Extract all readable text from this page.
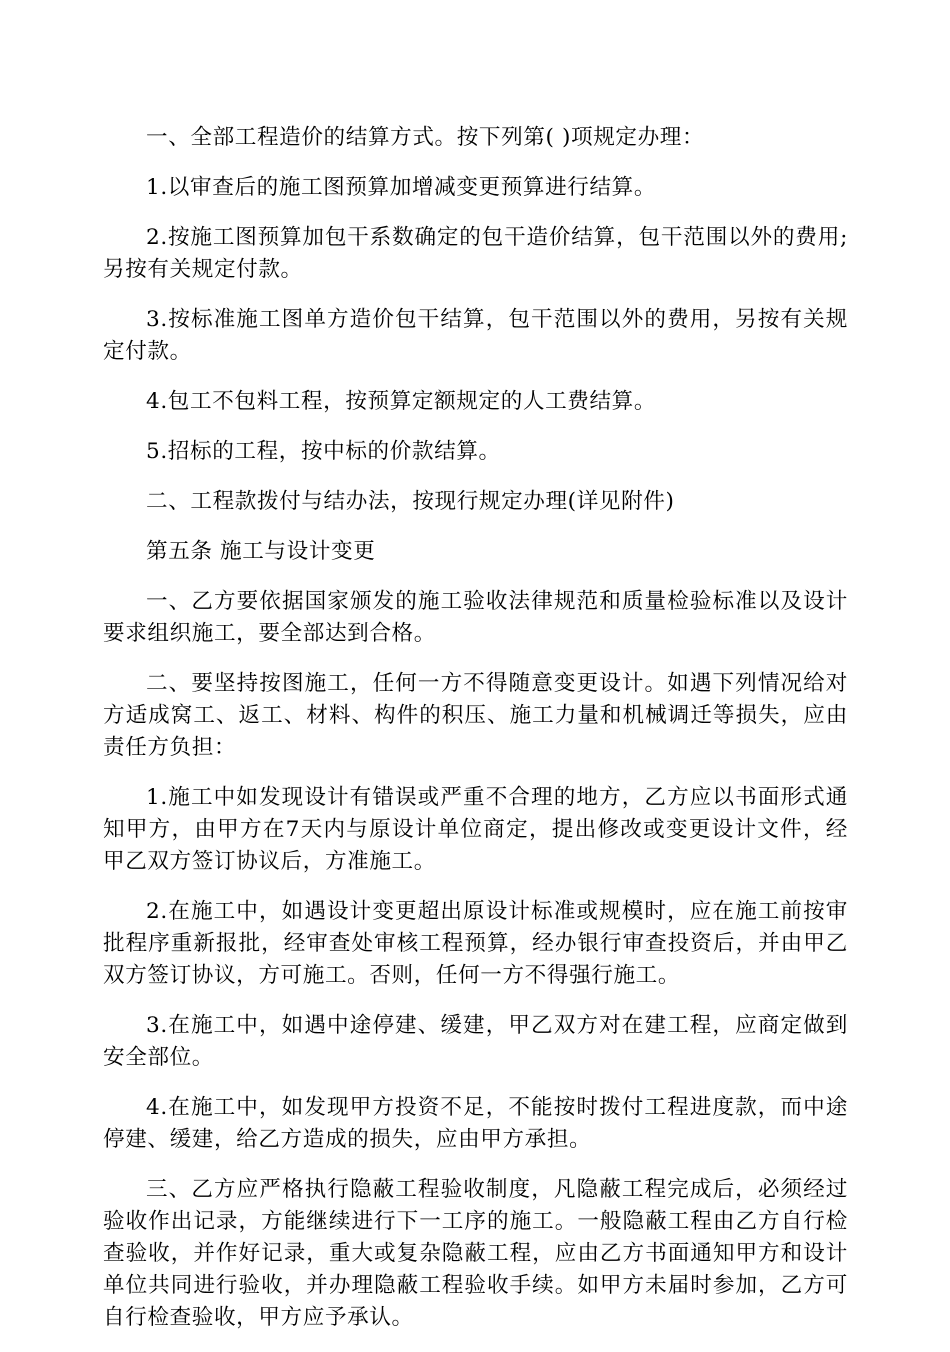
一、全部工程造价的结算方式。按下列第( )项规定办理：

1.以审查后的施工图预算加增减变更预算进行结算。

2.按施工图预算加包干系数确定的包干造价结算，包干范围以外的费用;另按有关规定付款。

3.按标准施工图单方造价包干结算，包干范围以外的费用，另按有关规定付款。

4.包工不包料工程，按预算定额规定的人工费结算。

5.招标的工程，按中标的价款结算。

二、工程款拨付与结办法，按现行规定办理(详见附件)

第五条 施工与设计变更

一、乙方要依据国家颁发的施工验收法律规范和质量检验标准以及设计要求组织施工，要全部达到合格。

二、要坚持按图施工，任何一方不得随意变更设计。如遇下列情况给对方适成窝工、返工、材料、构件的积压、施工力量和机械调迁等损失，应由责任方负担：

1.施工中如发现设计有错误或严重不合理的地方，乙方应以书面形式通知甲方，由甲方在7天内与原设计单位商定，提出修改或变更设计文件，经甲乙双方签订协议后，方准施工。

2.在施工中，如遇设计变更超出原设计标准或规模时，应在施工前按审批程序重新报批，经审查处审核工程预算，经办银行审查投资后，并由甲乙双方签订协议，方可施工。否则，任何一方不得强行施工。

3.在施工中，如遇中途停建、缓建，甲乙双方对在建工程，应商定做到安全部位。

4.在施工中，如发现甲方投资不足，不能按时拨付工程进度款，而中途停建、缓建，给乙方造成的损失，应由甲方承担。

三、乙方应严格执行隐蔽工程验收制度，凡隐蔽工程完成后，必须经过验收作出记录，方能继续进行下一工序的施工。一般隐蔽工程由乙方自行检查验收，并作好记录，重大或复杂隐蔽工程，应由乙方书面通知甲方和设计单位共同进行验收，并办理隐蔽工程验收手续。如甲方未届时参加，乙方可自行检查验收，甲方应予承认。
